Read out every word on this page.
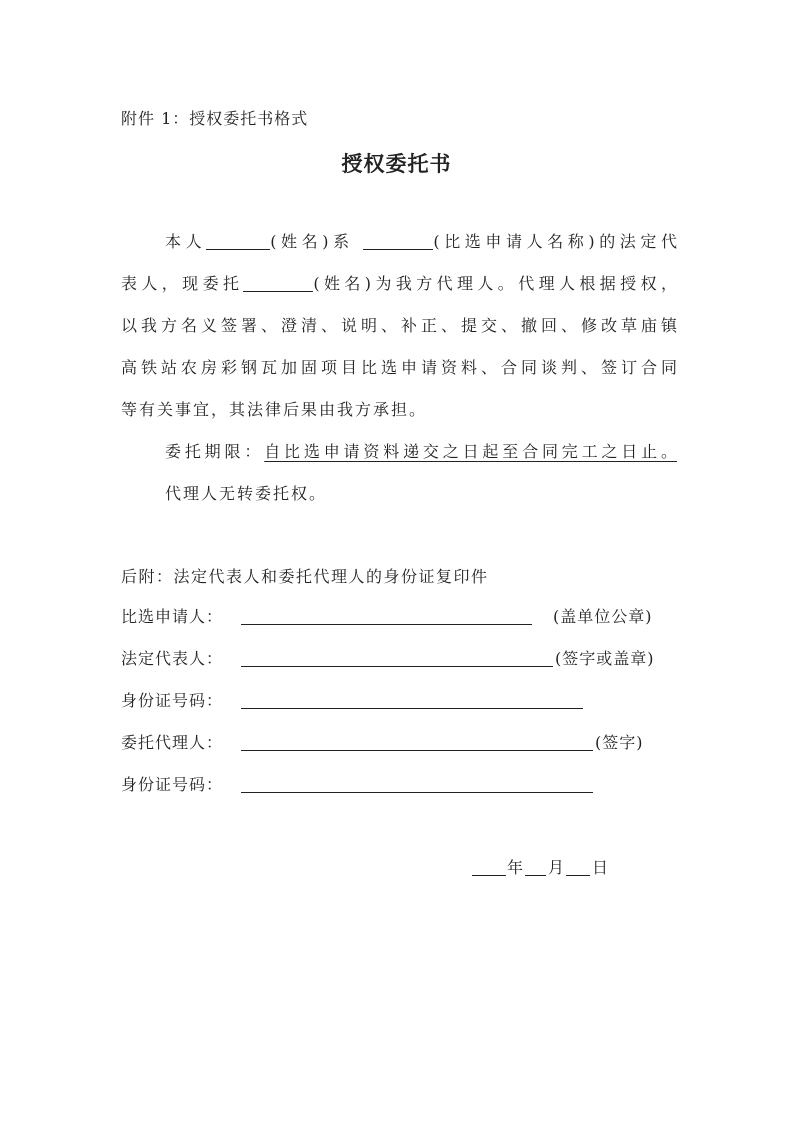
附件 1：授权委托书格式
授权委托书
本人	(姓名)系	(比选申请人名称)的法定代
表人，现委托	(姓名)为我方代理人。代理人根据授权，
以我方名义签署、澄清、说明、补正、提交、撤回、修改草庙镇
高铁站农房彩钢瓦加固项目比选申请资料、合同谈判、签订合同
等有关事宜，其法律后果由我方承担。
委托期限：自比选申请资料递交之日起至合同完工之日止。
代理人无转委托权。
后附：法定代表人和委托代理人的身份证复印件
比选申请人：	(盖单位公章)
法定代表人：	(签字或盖章)
身份证号码：
委托代理人：	(签字)
身份证号码：
年 月 日
